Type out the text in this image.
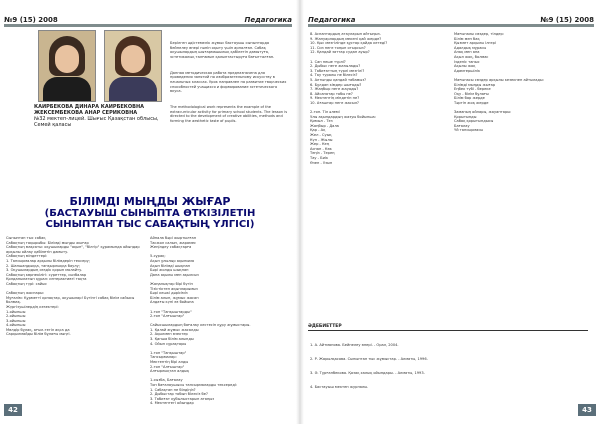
№9 (15) 2008	Педагогика
КАИРБЕКОВА ДИНАРА КАИРБЕКОВНА
ЖЕКСЕМБЕКОВА АНАР СЕРИКОВНА
№32 мектеп-лицей. Шығыс Қазақстан облысы, Семей қаласы

Берілген әдістемелік жұмыс бастауыш сыныптарда бейнелеу өнері пәнін оқыту үшін арналған. Сабақ оқушылардың шығармашылық қабілетін дамытуға, эстетикалық талғамын қалыптастыруға бағытталған.

Данная методическая работа предназначена для проведения занятий по изобразительному искусству в начальных классах. Урок направлен на развитие творческих способностей учащихся и формирование эстетического вкуса.

The methodological work represents the example of the extracurricular activity for primary school students. The lesson is directed to the development of creative abilities, methods and forming the aesthetic taste of pupils.

БІЛІМДІ МЫҢДЫ ЖЫҒАР
(БАСТАУЫШ СЫНЫПТА ӨТКІЗІЛЕТІН
СЫНЫПТАН ТЫС САБАҚТЫҢ ҮЛГІСІ)
Сыныптан тыс сабақ
Сабақтың тақырыбы: Білімді мыңды жығар
Сабақтың мақсаты: оқушыларды "ақын", "білгір" құрамында ойындар арқылы ойлау қабілетін дамыту.
Сабақтың міндеттері:
1. Тапсырмалар арқылы білімдерін тексеру;
2. Шапшаңдыққа, тапқырлыққа баулу;
3. Оқушылардың сөздік қорын молайту.
Сабақтың көрнекілігі: суреттер, сызбалар
Қолданылатын құрал: интерактивті тақта
Сабақтың түрі: сайыс

Сабақтың жоспары:
Мұғалім: Құрметті қонақтар, оқушылар! Бүгінгі сабақ білім сайысы болмақ.
Жүргізушілердің кезектері:
1-ойыншы
2-ойыншы
3-ойыншы
4-ойыншы
Мөлдір бұлақ, ағыл-тегіл ақса да
Сарқылмайды білім бұлағы мәңгі.
Айнала бәрі жыртылған
Тасжол салып, жарамес
Жеңілдеу сабақтарға

5-сұрақ:
Ақын ұлылыр ақыныма
Ақын білімді шықпан
Бәрі жолды шықпан
Дана ақылы мен ақылсыз

Жаңалықтар бірі бүгін
Тізістіктеп ақынларымыз
Бәрі кешкі дәрісіміз
Білім алып, жұмыс жасап
Алдағы күні өз бойына

1-топ "Тапқыштарды"
2-топ "Алғыштар"

Сайысшылардың бағалау кестесін құру жұмыстары.
1. Қалай жұмыс жасалды
2. Ақылмен өзектер
3. Қанша білім алынды
4. Ойын сұрақтары

1-топ "Тапқыштар"
Тапсырмалар:
Мектептің бірі алды
2-топ "Алғыштар"
Алғырлықтан алдық

1-сызба, Бағалау
Топ бағалаушысы тапсырмаларды тексереді:
1. Сабақтан не білдіңіз?
2. Дыбыстар тобын білесіз бе?
3. Табиғат құбылыстарын атаңыз
4. Мектептегі ойындар
42
Педагогика	№9 (15) 2008
8. Аспаптардың атауларын айтыңыз.
9. Жануарлардың мекені қай жерде?
10. Қыс мезгілінде құстар қайда кетеді?
11. Сиз неге тоңып отырсыз?
12. Қандай заттар судан ауыр?

1. Сан неше түрлі?
2. Дыбыс неге жазылады?
3. Табиғаттың түрлі мезгілі?
4. Тау туралы не білесіз?
5. Алтынды қандай табамыз?
6. Бұлдан кімдер шығады?
7. Жаңбыр неге жауады?
8. Айсанатар тобы не?
9. Мектептің міндетін не?
10. Ағаштар неге жасыл?

2-топ. Тіл әлемі
Ұлы ақындардың жазуы бойынша:
Қимыл - Тез
Жаңбыр - Дала
Қар - Ақ
Жел - Суық
Күн - Жылы
Жер - Кең
Аспан - Көк
Теңіз - Терең
Тау - Биік
Өзен - Ұзын
Мағыналы сөздер, тілдер:
Білім мен бақ
Қызмет арқылы ілгері
Адалдық мұрасы
Анақ мен ана
Ақыл жоқ, болмас
Ізденіс таныс
Ақылы жоқ
Адамгершілік

Мағынасы сөздер арқылы кезекпен айтылады:
Білімді мыңды жығар
Еңбек түбі - береке
Оқу - білім бұлағы
Білім бар жерде
Тәртіп жоқ жерде

Заманың ойлары, жауаптары:
Қорытынды
Сабақ қорытындысы
Бағалау
Үй тапсырмасы
ӘДЕБИЕТТЕР

1. А. Айтманова. Бейнелеу өнері. - Орал, 2004.

2. Р. Жарылқасова. Сыныптан тыс жұмыстар. - Алматы, 1996.

3. Ә. Тұрғанбекова. Қазақ халық ойындары. - Алматы, 1993.

4. Бастауыш мектеп журналы.

43
